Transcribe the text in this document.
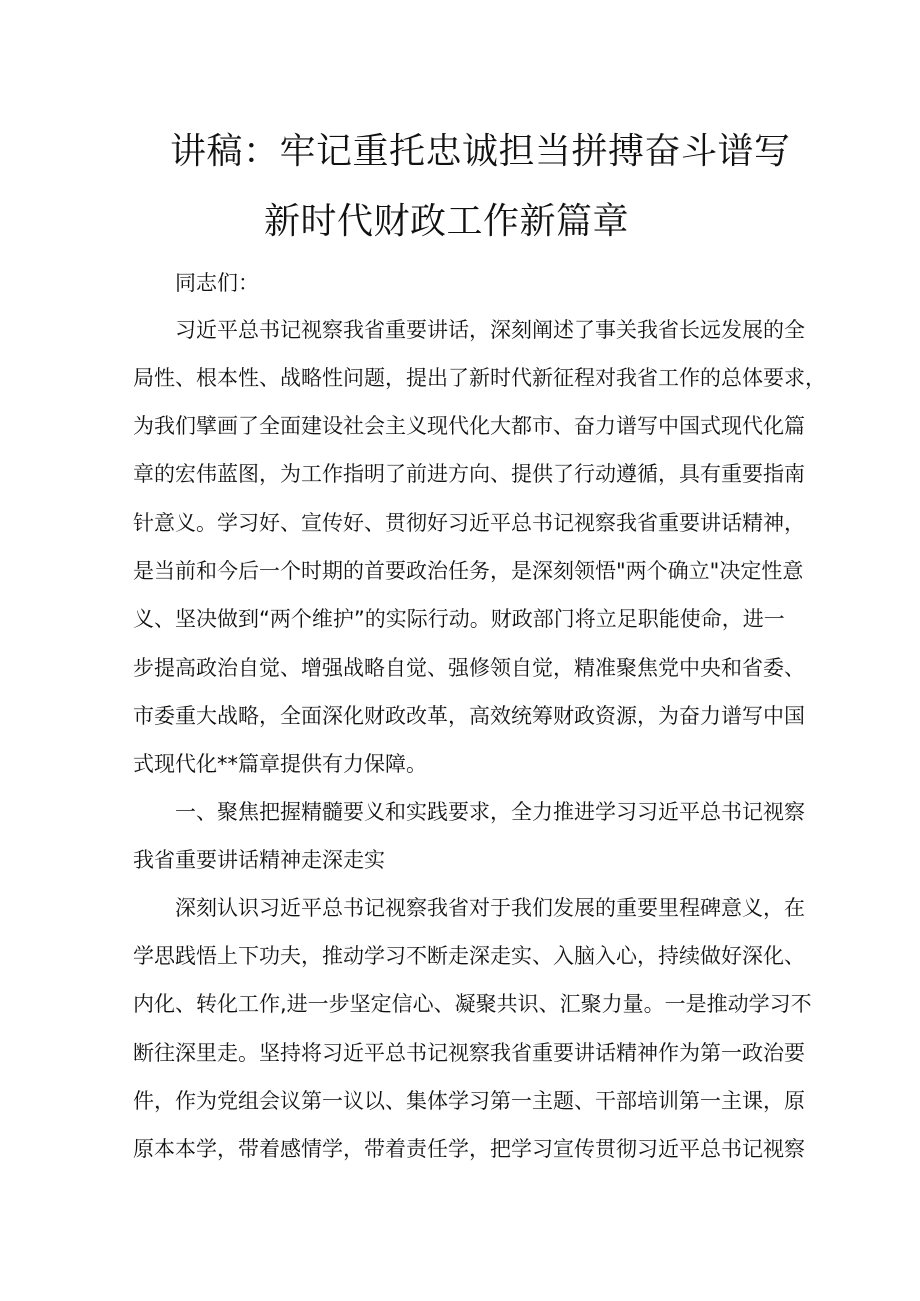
讲稿：牢记重托忠诚担当拼搏奋斗谱写
新时代财政工作新篇章
同志们：
习近平总书记视察我省重要讲话，深刻阐述了事关我省长远发展的全
局性、根本性、战略性问题，提出了新时代新征程对我省工作的总体要求，
为我们擘画了全面建设社会主义现代化大都市、奋力谱写中国式现代化篇
章的宏伟蓝图，为工作指明了前进方向、提供了行动遵循，具有重要指南
针意义。学习好、宣传好、贯彻好习近平总书记视察我省重要讲话精神，
是当前和今后一个时期的首要政治任务，是深刻领悟"两个确立"决定性意
义、坚决做到“两个维护”的实际行动。财政部门将立足职能使命，进一
步提高政治自觉、增强战略自觉、强修领自觉，精准聚焦党中央和省委、
市委重大战略，全面深化财政改革，高效统筹财政资源，为奋力谱写中国
式现代化**篇章提供有力保障。
一、聚焦把握精髓要义和实践要求，全力推进学习习近平总书记视察
我省重要讲话精神走深走实
深刻认识习近平总书记视察我省对于我们发展的重要里程碑意义，在
学思践悟上下功夫，推动学习不断走深走实、入脑入心，持续做好深化、
内化、转化工作,进一步坚定信心、凝聚共识、汇聚力量。一是推动学习不
断往深里走。坚持将习近平总书记视察我省重要讲话精神作为第一政治要
件，作为党组会议第一议以、集体学习第一主题、干部培训第一主课，原
原本本学，带着感情学，带着责任学，把学习宣传贯彻习近平总书记视察
